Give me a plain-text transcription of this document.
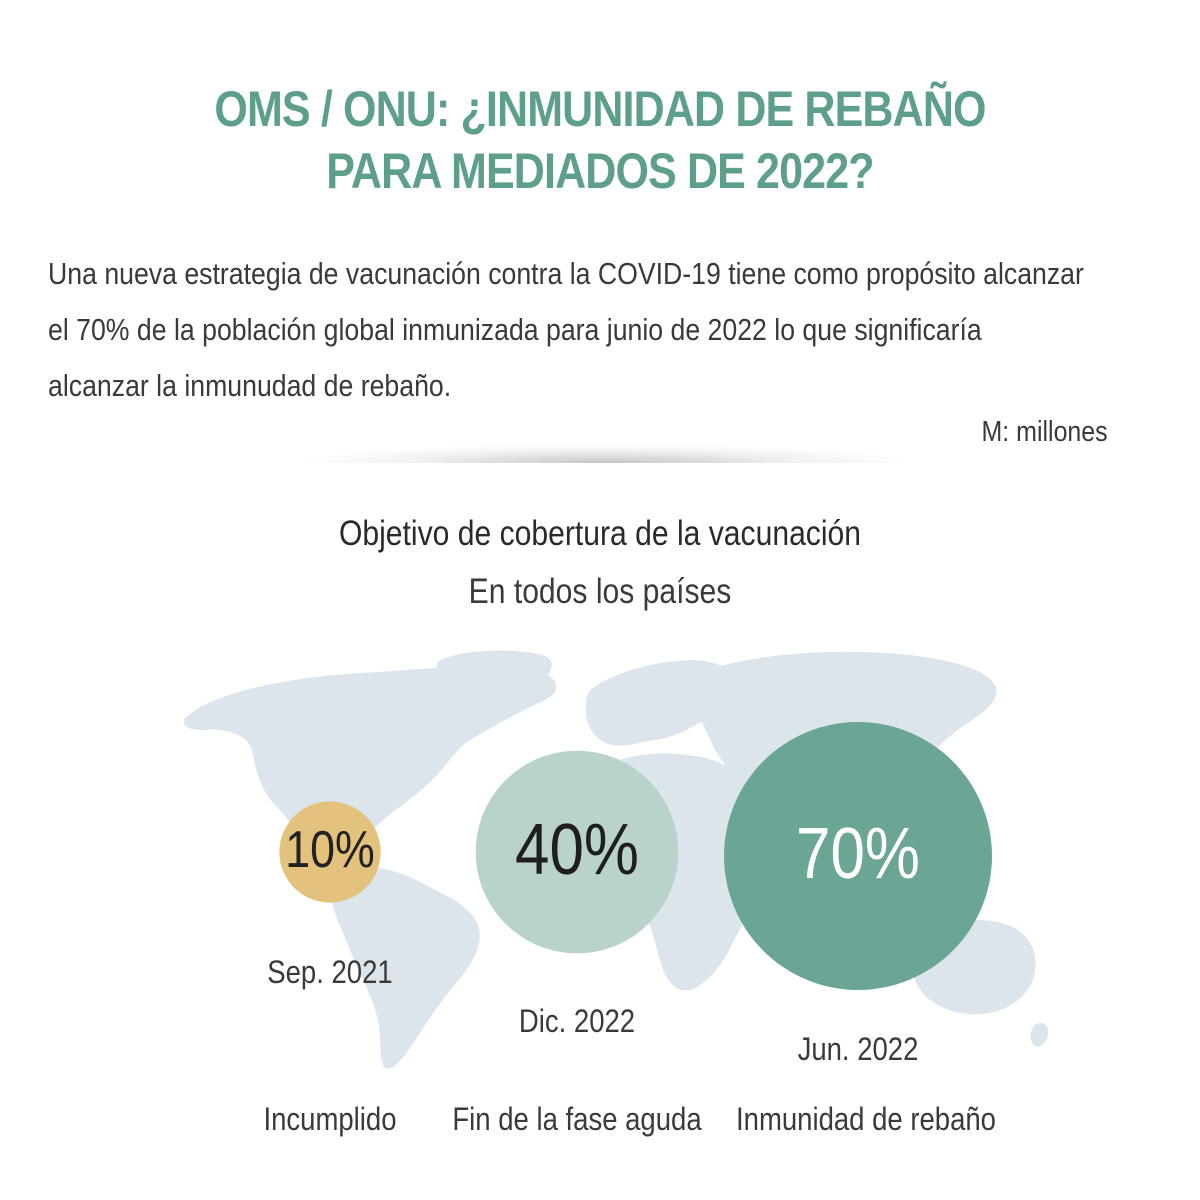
OMS / ONU: ¿INMUNIDAD DE REBAÑO
PARA MEDIADOS DE 2022?
Una nueva estrategia de vacunación contra la COVID-19 tiene como propósito alcanzar el 70% de la población global inmunizada para junio de 2022 lo que significaría alcanzar la inmunudad de rebaño.
M: millones
Objetivo de cobertura de la vacunación
En todos los países
10% 40% 70%
Sep. 2021
Dic. 2022
Jun. 2022
Incumplido Fin de la fase aguda Inmunidad de rebaño
